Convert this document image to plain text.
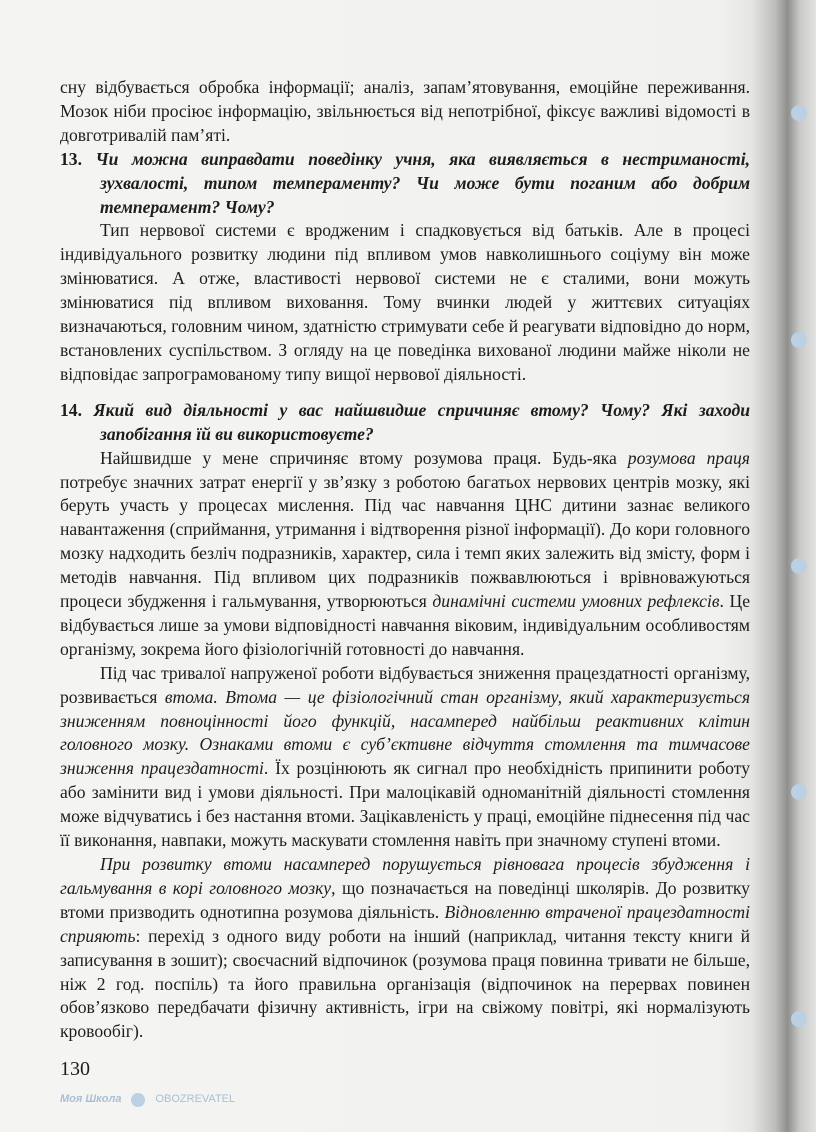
сну відбувається обробка інформації; аналіз, запам’ятовування, емоційне переживання. Мозок ніби просіює інформацію, звільнюється від непотрібної, фіксує важливі відомості в довготривалій пам’яті.

13. Чи можна виправдати поведінку учня, яка виявляється в нестриманості, зухвалості, типом темпераменту? Чи може бути поганим або добрим темперамент? Чому?

Тип нервової системи є вродженим і спадковується від батьків. Але в процесі індивідуального розвитку людини під впливом умов навколишнього соціуму він може змінюватися. А отже, властивості нервової системи не є сталими, вони можуть змінюватися під впливом виховання. Тому вчинки людей у життєвих ситуаціях визначаються, головним чином, здатністю стримувати себе й реагувати відповідно до норм, встановлених суспільством. З огляду на це поведінка вихованої людини майже ніколи не відповідає запрограмованому типу вищої нервової діяльності.

14. Який вид діяльності у вас найшвидше спричиняє втому? Чому? Які заходи запобігання їй ви використовуєте?

Найшвидше у мене спричиняє втому розумова праця. Будь-яка розумова праця потребує значних затрат енергії у зв’язку з роботою багатьох нервових центрів мозку, які беруть участь у процесах мислення. Під час навчання ЦНС дитини зазнає великого навантаження (сприймання, утримання і відтворення різної інформації). До кори головного мозку надходить безліч подразників, характер, сила і темп яких залежить від змісту, форм і методів навчання. Під впливом цих подразників пожвавлюються і врівноважуються процеси збудження і гальмування, утворюються динамічні системи умовних рефлексів. Це відбувається лише за умови відповідності навчання віковим, індивідуальним особливостям організму, зокрема його фізіологічній готовності до навчання.

Під час тривалої напруженої роботи відбувається зниження працездатності організму, розвивається втома. Втома — це фізіологічний стан організму, який характеризується зниженням повноцінності його функцій, насамперед найбільш реактивних клітин головного мозку. Ознаками втоми є суб’єктивне відчуття стомлення та тимчасове зниження працездатності. Їх розцінюють як сигнал про необхідність припинити роботу або замінити вид і умови діяльності. При малоцікавій одноманітній діяльності стомлення може відчуватись і без настання втоми. Зацікавленість у праці, емоційне піднесення під час її виконання, навпаки, можуть маскувати стомлення навіть при значному ступені втоми.

При розвитку втоми насамперед порушується рівновага процесів збудження і гальмування в корі головного мозку, що позначається на поведінці школярів. До розвитку втоми призводить однотипна розумова діяльність. Відновленню втраченої працездатності сприяють: перехід з одного виду роботи на інший (наприклад, читання тексту книги й записування в зошит); своєчасний відпочинок (розумова праця повинна тривати не більше, ніж 2 год. поспіль) та його правильна організація (відпочинок на перервах повинен обов’язково передбачати фізичну активність, ігри на свіжому повітрі, які нормалізують кровообіг).

130
Моя Школа	OBOZREVATEL
